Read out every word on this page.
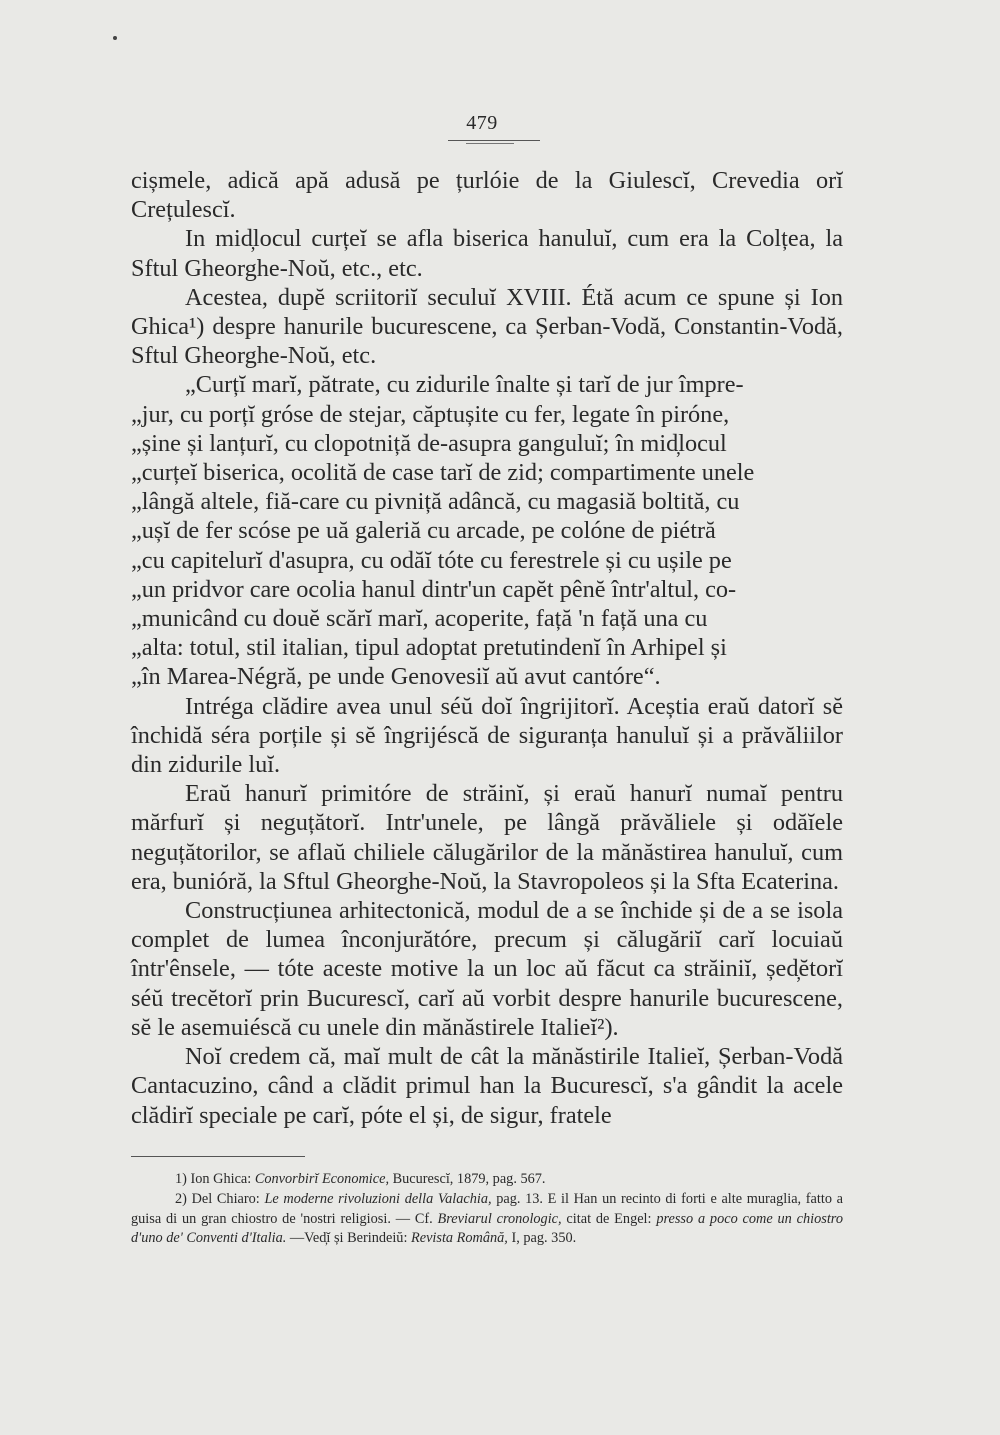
479

cișmele, adică apă adusă pe țurlóie de la Giulescĭ, Crevedia orĭ Crețulescĭ.

In mid̦locul curțeĭ se afla biserica hanuluĭ, cum era la Colțea, la Sftul Gheorghe-Noŭ, etc., etc.

Acestea, dupĕ scriitoriĭ seculuĭ XVIII. Étă acum ce spune și Ion Ghica¹) despre hanurile bucurescene, ca Șerban-Vodă, Constantin-Vodă, Sftul Gheorghe-Noŭ, etc.

„Curțĭ marĭ, pătrate, cu zidurile înalte și tarĭ de jur împre-

„jur, cu porțĭ gróse de stejar, căptușite cu fer, legate în piróne,

„șine și lanțurĭ, cu clopotniță de-asupra ganguluĭ; în mid̦locul

„curțeĭ biserica, ocolită de case tarĭ de zid; compartimente unele

„lângă altele, fiă-care cu pivniță adâncă, cu magasiă boltită, cu

„ușĭ de fer scóse pe uă galeriă cu arcade, pe colóne de piétră

„cu capitelurĭ d'asupra, cu odăĭ tóte cu ferestrele și cu ușile pe

„un pridvor care ocolia hanul dintr'un capĕt pênĕ într'altul, co-

„municând cu douĕ scărĭ marĭ, acoperite, față 'n față una cu

„alta: totul, stil italian, tipul adoptat pretutindenĭ în Arhipel și

„în Marea-Négră, pe unde Genovesiĭ aŭ avut cantóre“.

Intréga clădire avea unul séŭ doĭ îngrijitorĭ. Aceștia eraŭ datorĭ sĕ închidă séra porțile și sĕ îngrijéscă de siguranța hanuluĭ și a prăvăliilor din zidurile luĭ.

Eraŭ hanurĭ primitóre de străinĭ, și eraŭ hanurĭ numaĭ pentru mărfurĭ și neguțătorĭ. Intr'unele, pe lângă prăvăliele și odăĭele neguțătorilor, se aflaŭ chiliele călugărilor de la mănăstirea hanuluĭ, cum era, bunióră, la Sftul Gheorghe-Noŭ, la Stavropoleos și la Sfta Ecaterina.

Construcțiunea arhitectonică, modul de a se închide și de a se isola complet de lumea înconjurătóre, precum și călugăriĭ carĭ locuiaŭ într'ênsele, — tóte aceste motive la un loc aŭ făcut ca străiniĭ, șed̦ĕtorĭ séŭ trecĕtorĭ prin Bucurescĭ, carĭ aŭ vorbit despre hanurile bucurescene, sĕ le asemuiéscă cu unele din mănăstirele Italieĭ²).

Noĭ credem că, maĭ mult de cât la mănăstirile Italieĭ, Șerban-Vodă Cantacuzino, când a clădit primul han la Bucurescĭ, s'a gândit la acele clădirĭ speciale pe carĭ, póte el și, de sigur, fratele

1) Ion Ghica: Convorbirĭ Economice, Bucurescĭ, 1879, pag. 567.

2) Del Chiaro: Le moderne rivoluzioni della Valachia, pag. 13. E il Han un recinto di forti e alte muraglia, fatto a guisa di un gran chiostro de 'nostri religiosi. — Cf. Breviarul cronologic, citat de Engel: presso a poco come un chiostro d'uno de' Conventi d'Italia. —Ved̦ĭ și Berindeiŭ: Revista Română, I, pag. 350.
